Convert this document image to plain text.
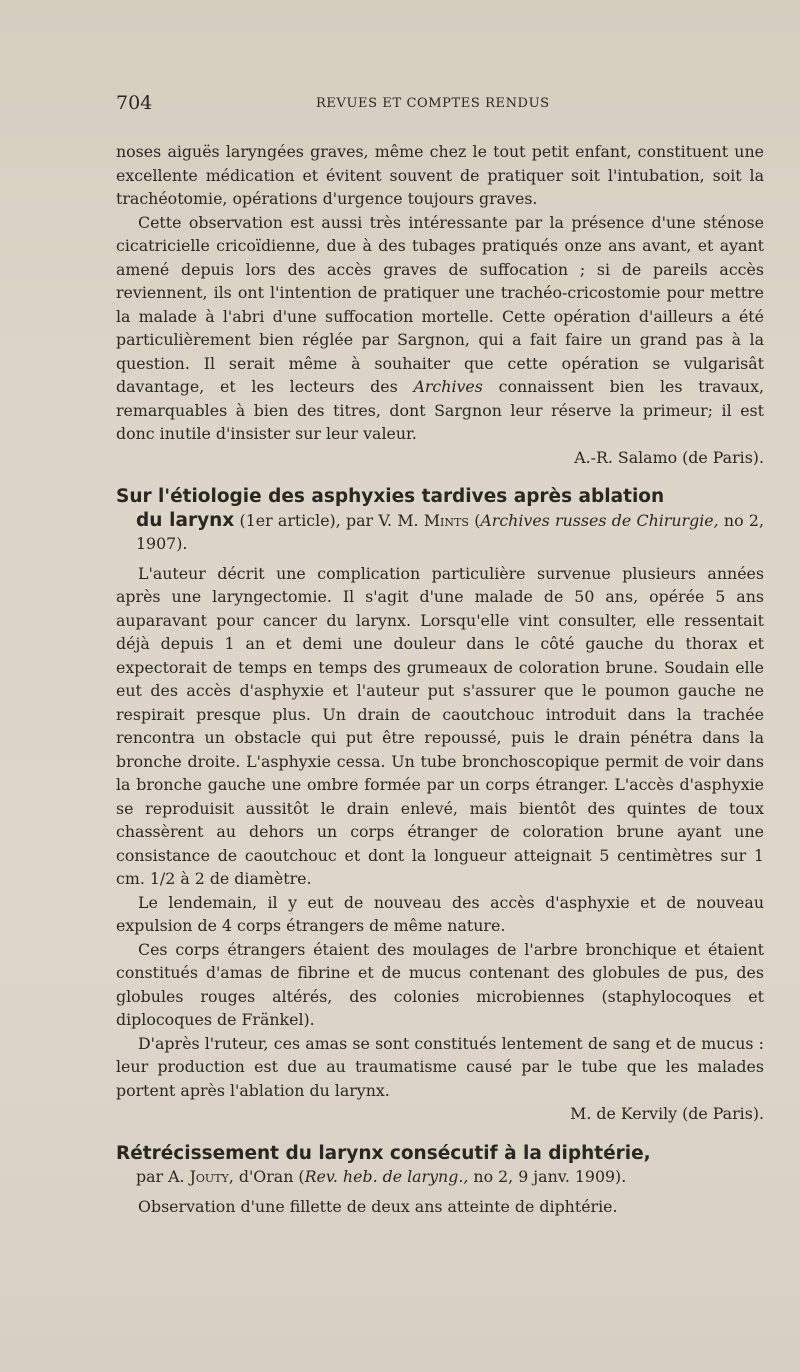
704	REVUES ET COMPTES RENDUS

noses aiguës laryngées graves, même chez le tout petit enfant, constituent une excellente médication et évitent souvent de pratiquer soit l'intubation, soit la trachéotomie, opérations d'urgence toujours graves.

Cette observation est aussi très intéressante par la présence d'une sténose cicatricielle cricoïdienne, due à des tubages pratiqués onze ans avant, et ayant amené depuis lors des accès graves de suffocation ; si de pareils accès reviennent, ils ont l'intention de pratiquer une trachéo-cricostomie pour mettre la malade à l'abri d'une suffocation mortelle. Cette opération d'ailleurs a été particulièrement bien réglée par Sargnon, qui a fait faire un grand pas à la question. Il serait même à souhaiter que cette opération se vulgarisât davantage, et les lecteurs des Archives connaissent bien les travaux, remarquables à bien des titres, dont Sargnon leur réserve la primeur; il est donc inutile d'insister sur leur valeur.

A.-R. Salamo (de Paris).

Sur l'étiologie des asphyxies tardives après ablation
du larynx (1er article), par V. M. Mints (Archives russes de Chirurgie, no 2, 1907).

L'auteur décrit une complication particulière survenue plusieurs années après une laryngectomie. Il s'agit d'une malade de 50 ans, opérée 5 ans auparavant pour cancer du larynx. Lorsqu'elle vint consulter, elle ressentait déjà depuis 1 an et demi une douleur dans le côté gauche du thorax et expectorait de temps en temps des grumeaux de coloration brune. Soudain elle eut des accès d'asphyxie et l'auteur put s'assurer que le poumon gauche ne respirait presque plus. Un drain de caoutchouc introduit dans la trachée rencontra un obstacle qui put être repoussé, puis le drain pénétra dans la bronche droite. L'asphyxie cessa. Un tube bronchoscopique permit de voir dans la bronche gauche une ombre formée par un corps étranger. L'accès d'asphyxie se reproduisit aussitôt le drain enlevé, mais bientôt des quintes de toux chassèrent au dehors un corps étranger de coloration brune ayant une consistance de caoutchouc et dont la longueur atteignait 5 centimètres sur 1 cm. 1/2 à 2 de diamètre.

Le lendemain, il y eut de nouveau des accès d'asphyxie et de nouveau expulsion de 4 corps étrangers de même nature.

Ces corps étrangers étaient des moulages de l'arbre bronchique et étaient constitués d'amas de fibrine et de mucus contenant des globules de pus, des globules rouges altérés, des colonies microbiennes (staphylocoques et diplocoques de Fränkel).

D'après l'ruteur, ces amas se sont constitués lentement de sang et de mucus : leur production est due au traumatisme causé par le tube que les malades portent après l'ablation du larynx.

M. de Kervily (de Paris).

Rétrécissement du larynx consécutif à la diphtérie,
par A. Jouty, d'Oran (Rev. heb. de laryng., no 2, 9 janv. 1909).

Observation d'une fillette de deux ans atteinte de diphtérie.
